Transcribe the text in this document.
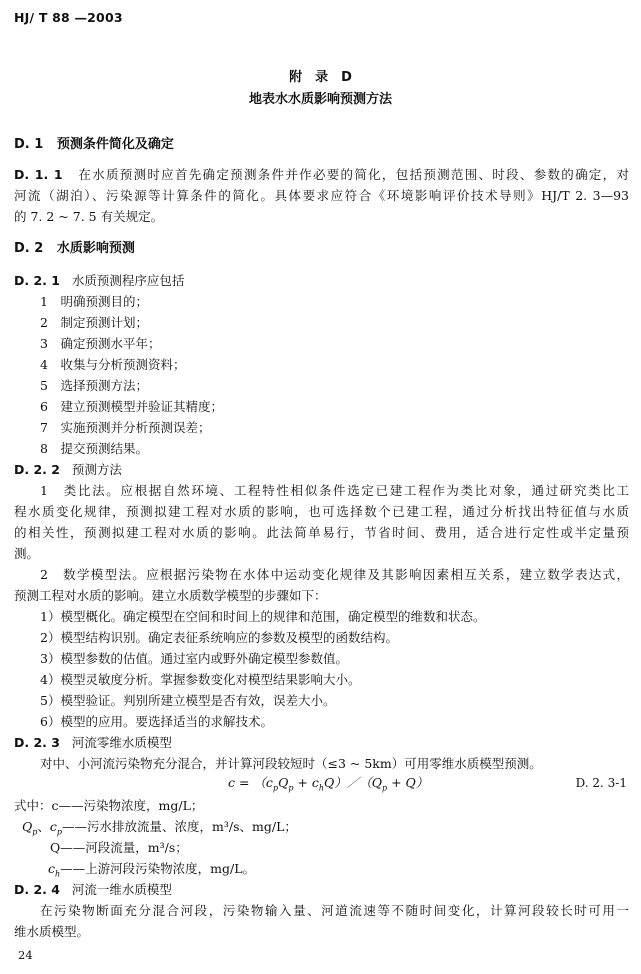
HJ/ T 88 —2003
附　录　D
地表水水质影响预测方法
D. 1 预测条件简化及确定
D. 1. 1 在水质预测时应首先确定预测条件并作必要的简化，包括预测范围、时段、参数的确定，对
河流（湖泊）、污染源等计算条件的简化。具体要求应符合《环境影响评价技术导则》HJ/T 2. 3—93
的 7. 2 ~ 7. 5 有关规定。
D. 2 水质影响预测
D. 2. 1 水质预测程序应包括
1　明确预测目的；
2　制定预测计划；
3　确定预测水平年；
4　收集与分析预测资料；
5　选择预测方法；
6　建立预测模型并验证其精度；
7　实施预测并分析预测误差；
8　提交预测结果。
D. 2. 2 预测方法
1　类比法。应根据自然环境、工程特性相似条件选定已建工程作为类比对象，通过研究类比工
程水质变化规律，预测拟建工程对水质的影响，也可选择数个已建工程，通过分析找出特征值与水质
的相关性，预测拟建工程对水质的影响。此法简单易行，节省时间、费用，适合进行定性或半定量预
测。
2　数学模型法。应根据污染物在水体中运动变化规律及其影响因素相互关系，建立数学表达式，
预测工程对水质的影响。建立水质数学模型的步骤如下：
1）模型概化。确定模型在空间和时间上的规律和范围，确定模型的维数和状态。
2）模型结构识别。确定表征系统响应的参数及模型的函数结构。
3）模型参数的估值。通过室内或野外确定模型参数值。
4）模型灵敏度分析。掌握参数变化对模型结果影响大小。
5）模型验证。判别所建立模型是否有效，误差大小。
6）模型的应用。要选择适当的求解技术。
D. 2. 3 河流零维水质模型
对中、小河流污染物充分混合，并计算河段较短时（≤3 ~ 5km）可用零维水质模型预测。
$c = (c_pQ_p$ + $c_hQ)/(Q_p + Q)$	D. 2. 3-1
式中：c——污染物浓度，mg/L；
$Q_p$、$c_p——$污水排放流量、浓度，m³/s、mg/L；
Q——河段流量，m³/s；
$c_h——$上游河段污染物浓度，mg/L。
D. 2. 4 河流一维水质模型
在污染物断面充分混合河段，污染物输入量、河道流速等不随时间变化，计算河段较长时可用一
维水质模型。
24
